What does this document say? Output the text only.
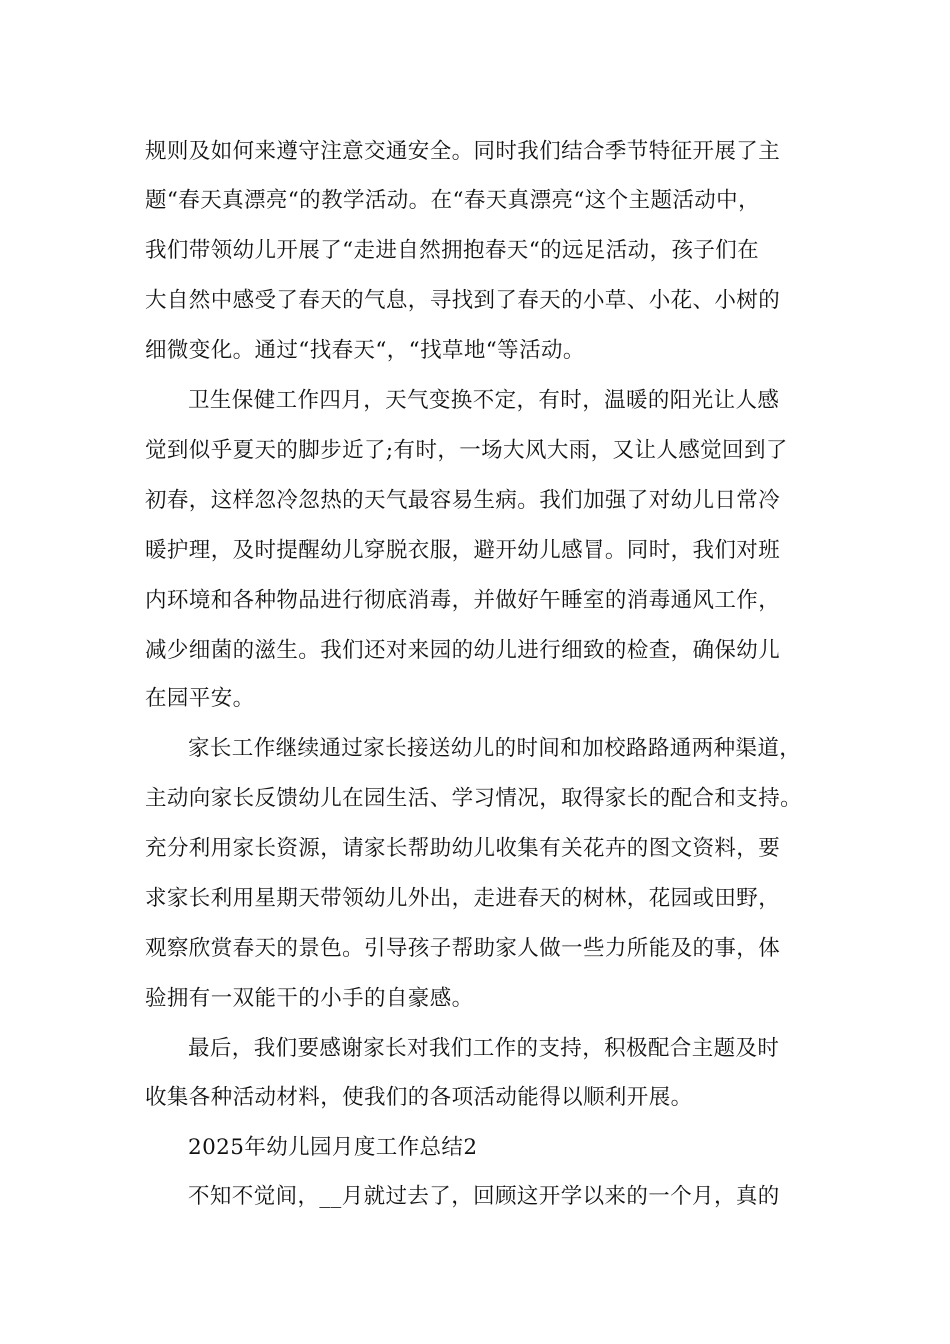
规则及如何来遵守注意交通安全。同时我们结合季节特征开展了主
题“春天真漂亮“的教学活动。在“春天真漂亮“这个主题活动中，
我们带领幼儿开展了“走进自然拥抱春天“的远足活动，孩子们在
大自然中感受了春天的气息，寻找到了春天的小草、小花、小树的
细微变化。通过“找春天“，“找草地“等活动。
卫生保健工作四月，天气变换不定，有时，温暖的阳光让人感
觉到似乎夏天的脚步近了;有时，一场大风大雨，又让人感觉回到了
初春，这样忽冷忽热的天气最容易生病。我们加强了对幼儿日常冷
暖护理，及时提醒幼儿穿脱衣服，避开幼儿感冒。同时，我们对班
内环境和各种物品进行彻底消毒，并做好午睡室的消毒通风工作，
减少细菌的滋生。我们还对来园的幼儿进行细致的检查，确保幼儿
在园平安。
家长工作继续通过家长接送幼儿的时间和加校路路通两种渠道，
主动向家长反馈幼儿在园生活、学习情况，取得家长的配合和支持。
充分利用家长资源，请家长帮助幼儿收集有关花卉的图文资料，要
求家长利用星期天带领幼儿外出，走进春天的树林，花园或田野，
观察欣赏春天的景色。引导孩子帮助家人做一些力所能及的事，体
验拥有一双能干的小手的自豪感。
最后，我们要感谢家长对我们工作的支持，积极配合主题及时
收集各种活动材料，使我们的各项活动能得以顺利开展。
2025年幼儿园月度工作总结2
不知不觉间，__月就过去了，回顾这开学以来的一个月，真的
